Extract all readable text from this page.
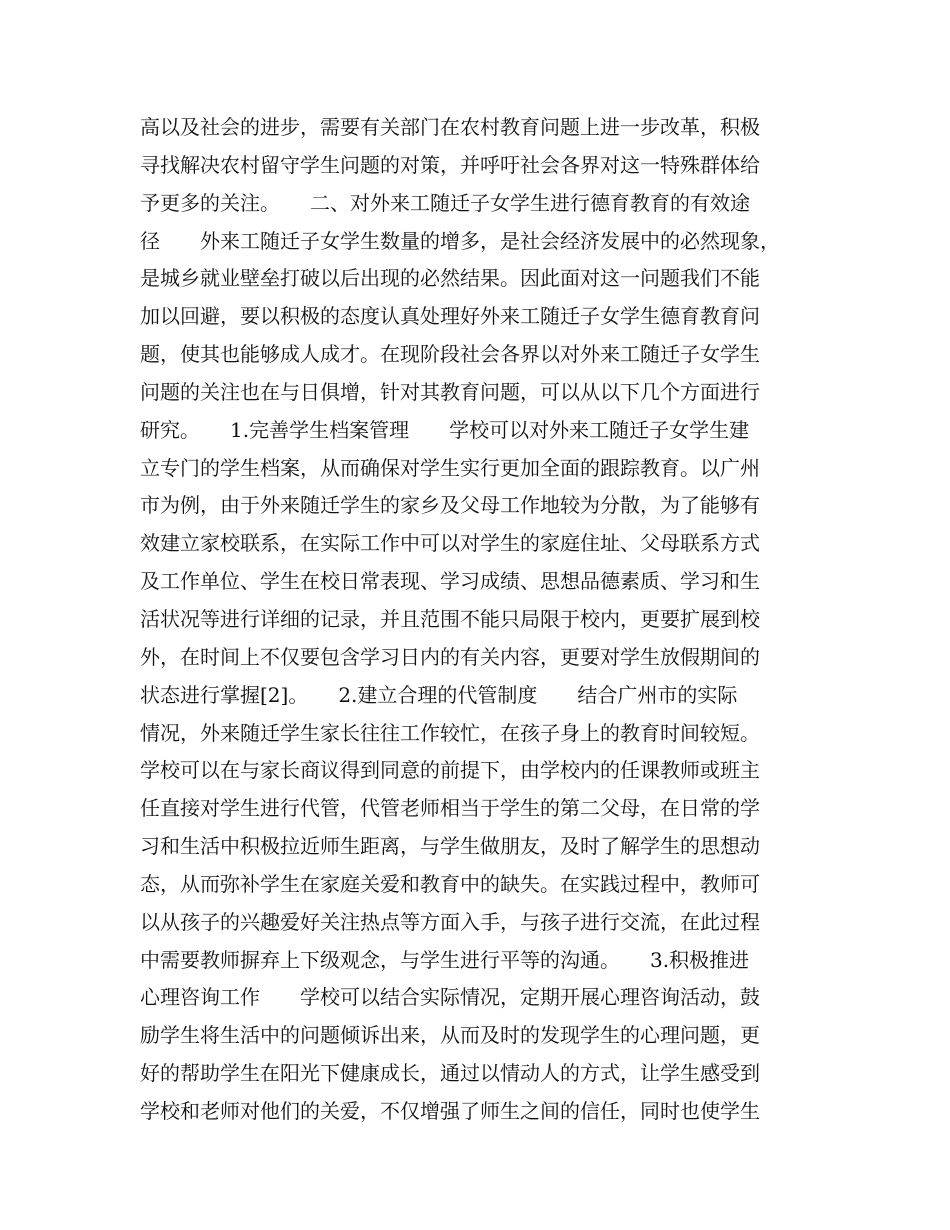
高以及社会的进步，需要有关部门在农村教育问题上进一步改革，积极
寻找解决农村留守学生问题的对策，并呼吁社会各界对这一特殊群体给
予更多的关注。　　二、对外来工随迁子女学生进行德育教育的有效途
径　　外来工随迁子女学生数量的增多，是社会经济发展中的必然现象，
是城乡就业壁垒打破以后出现的必然结果。因此面对这一问题我们不能
加以回避，要以积极的态度认真处理好外来工随迁子女学生德育教育问
题，使其也能够成人成才。在现阶段社会各界以对外来工随迁子女学生
问题的关注也在与日俱增，针对其教育问题，可以从以下几个方面进行
研究。　　1.完善学生档案管理　　学校可以对外来工随迁子女学生建
立专门的学生档案，从而确保对学生实行更加全面的跟踪教育。以广州
市为例，由于外来随迁学生的家乡及父母工作地较为分散，为了能够有
效建立家校联系，在实际工作中可以对学生的家庭住址、父母联系方式
及工作单位、学生在校日常表现、学习成绩、思想品德素质、学习和生
活状况等进行详细的记录，并且范围不能只局限于校内，更要扩展到校
外，在时间上不仅要包含学习日内的有关内容，更要对学生放假期间的
状态进行掌握[2]。　　2.建立合理的代管制度　　结合广州市的实际
情况，外来随迁学生家长往往工作较忙，在孩子身上的教育时间较短。
学校可以在与家长商议得到同意的前提下，由学校内的任课教师或班主
任直接对学生进行代管，代管老师相当于学生的第二父母，在日常的学
习和生活中积极拉近师生距离，与学生做朋友，及时了解学生的思想动
态，从而弥补学生在家庭关爱和教育中的缺失。在实践过程中，教师可
以从孩子的兴趣爱好关注热点等方面入手，与孩子进行交流，在此过程
中需要教师摒弃上下级观念，与学生进行平等的沟通。　　3.积极推进
心理咨询工作　　学校可以结合实际情况，定期开展心理咨询活动，鼓
励学生将生活中的问题倾诉出来，从而及时的发现学生的心理问题，更
好的帮助学生在阳光下健康成长，通过以情动人的方式，让学生感受到
学校和老师对他们的关爱，不仅增强了师生之间的信任，同时也使学生
